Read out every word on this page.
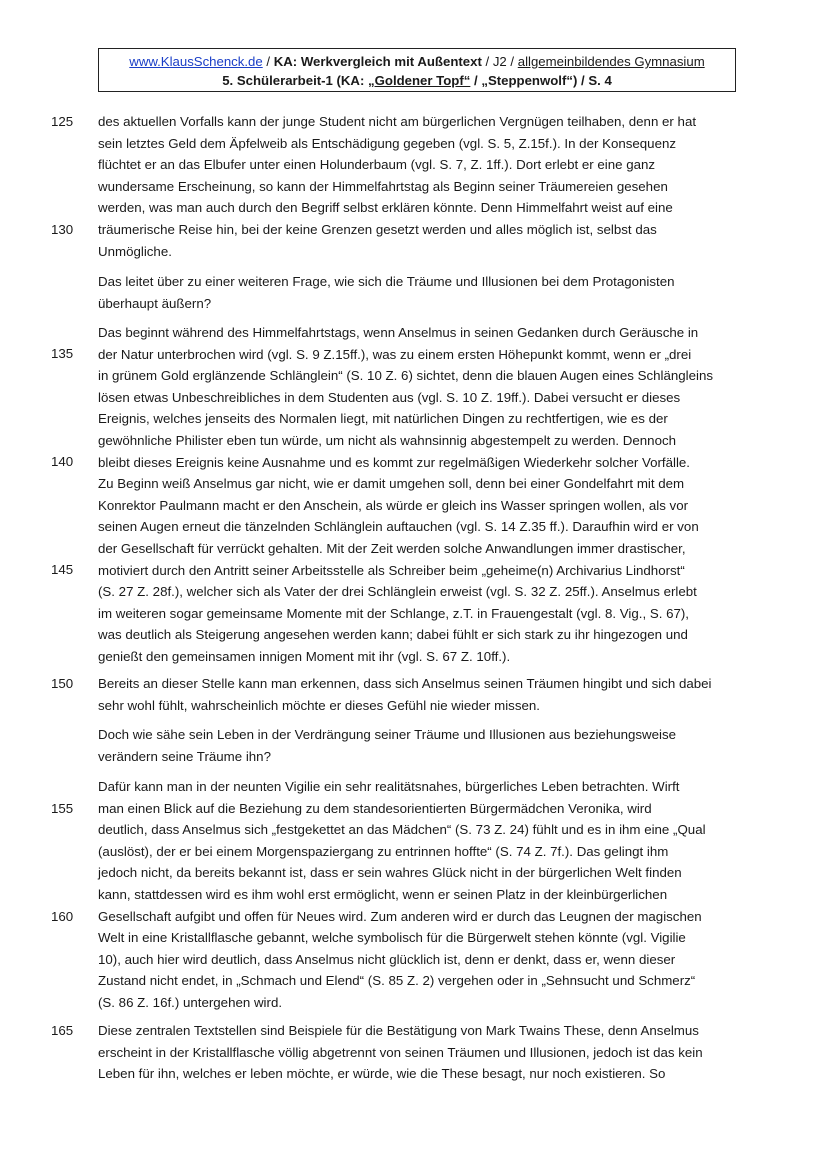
www.KlausSchenck.de / KA: Werkvergleich mit Außentext / J2 / allgemeinbildendes Gymnasium
5. Schülerarbeit-1 (KA: „Goldener Topf“ / „Steppenwolf“) / S. 4
125
130
135
140
145
150
155
160
165
des aktuellen Vorfalls kann der junge Student nicht am bürgerlichen Vergnügen teilhaben, denn er hat
sein letztes Geld dem Äpfelweib als Entschädigung gegeben (vgl. S. 5, Z.15f.). In der Konsequenz
flüchtet er an das Elbufer unter einen Holunderbaum (vgl. S. 7, Z. 1ff.). Dort erlebt er eine ganz
wundersame Erscheinung, so kann der Himmelfahrtstag als Beginn seiner Träumereien gesehen
werden, was man auch durch den Begriff selbst erklären könnte. Denn Himmelfahrt weist auf eine
träumerische Reise hin, bei der keine Grenzen gesetzt werden und alles möglich ist, selbst das
Unmögliche.
Das leitet über zu einer weiteren Frage, wie sich die Träume und Illusionen bei dem Protagonisten
überhaupt äußern?
Das beginnt während des Himmelfahrtstags, wenn Anselmus in seinen Gedanken durch Geräusche in
der Natur unterbrochen wird (vgl. S. 9 Z.15ff.), was zu einem ersten Höhepunkt kommt, wenn er „drei
in grünem Gold erglänzende Schlänglein“ (S. 10 Z. 6) sichtet, denn die blauen Augen eines Schlängleins
lösen etwas Unbeschreibliches in dem Studenten aus (vgl. S. 10 Z. 19ff.). Dabei versucht er dieses
Ereignis, welches jenseits des Normalen liegt, mit natürlichen Dingen zu rechtfertigen, wie es der
gewöhnliche Philister eben tun würde, um nicht als wahnsinnig abgestempelt zu werden. Dennoch
bleibt dieses Ereignis keine Ausnahme und es kommt zur regelmäßigen Wiederkehr solcher Vorfälle.
Zu Beginn weiß Anselmus gar nicht, wie er damit umgehen soll, denn bei einer Gondelfahrt mit dem
Konrektor Paulmann macht er den Anschein, als würde er gleich ins Wasser springen wollen, als vor
seinen Augen erneut die tänzelnden Schlänglein auftauchen (vgl. S. 14 Z.35 ff.). Daraufhin wird er von
der Gesellschaft für verrückt gehalten. Mit der Zeit werden solche Anwandlungen immer drastischer,
motiviert durch den Antritt seiner Arbeitsstelle als Schreiber beim „geheime(n) Archivarius Lindhorst“
(S. 27 Z. 28f.), welcher sich als Vater der drei Schlänglein erweist (vgl. S. 32 Z. 25ff.). Anselmus erlebt
im weiteren sogar gemeinsame Momente mit der Schlange, z.T. in Frauengestalt (vgl. 8. Vig., S. 67),
was deutlich als Steigerung angesehen werden kann; dabei fühlt er sich stark zu ihr hingezogen und
genießt den gemeinsamen innigen Moment mit ihr (vgl. S. 67 Z. 10ff.).
Bereits an dieser Stelle kann man erkennen, dass sich Anselmus seinen Träumen hingibt und sich dabei
sehr wohl fühlt, wahrscheinlich möchte er dieses Gefühl nie wieder missen.
Doch wie sähe sein Leben in der Verdrängung seiner Träume und Illusionen aus beziehungsweise
verändern seine Träume ihn?
Dafür kann man in der neunten Vigilie ein sehr realitätsnahes, bürgerliches Leben betrachten. Wirft
man einen Blick auf die Beziehung zu dem standesorientierten Bürgermädchen Veronika, wird
deutlich, dass Anselmus sich „festgekettet an das Mädchen“ (S. 73 Z. 24) fühlt und es in ihm eine „Qual
(auslöst), der er bei einem Morgenspaziergang zu entrinnen hoffte“ (S. 74 Z. 7f.). Das gelingt ihm
jedoch nicht, da bereits bekannt ist, dass er sein wahres Glück nicht in der bürgerlichen Welt finden
kann, stattdessen wird es ihm wohl erst ermöglicht, wenn er seinen Platz in der kleinbürgerlichen
Gesellschaft aufgibt und offen für Neues wird. Zum anderen wird er durch das Leugnen der magischen
Welt in eine Kristallflasche gebannt, welche symbolisch für die Bürgerwelt stehen könnte (vgl. Vigilie
10), auch hier wird deutlich, dass Anselmus nicht glücklich ist, denn er denkt, dass er, wenn dieser
Zustand nicht endet, in „Schmach und Elend“ (S. 85 Z. 2) vergehen oder in „Sehnsucht und Schmerz“
(S. 86 Z. 16f.) untergehen wird.
Diese zentralen Textstellen sind Beispiele für die Bestätigung von Mark Twains These, denn Anselmus
erscheint in der Kristallflasche völlig abgetrennt von seinen Träumen und Illusionen, jedoch ist das kein
Leben für ihn, welches er leben möchte, er würde, wie die These besagt, nur noch existieren. So
